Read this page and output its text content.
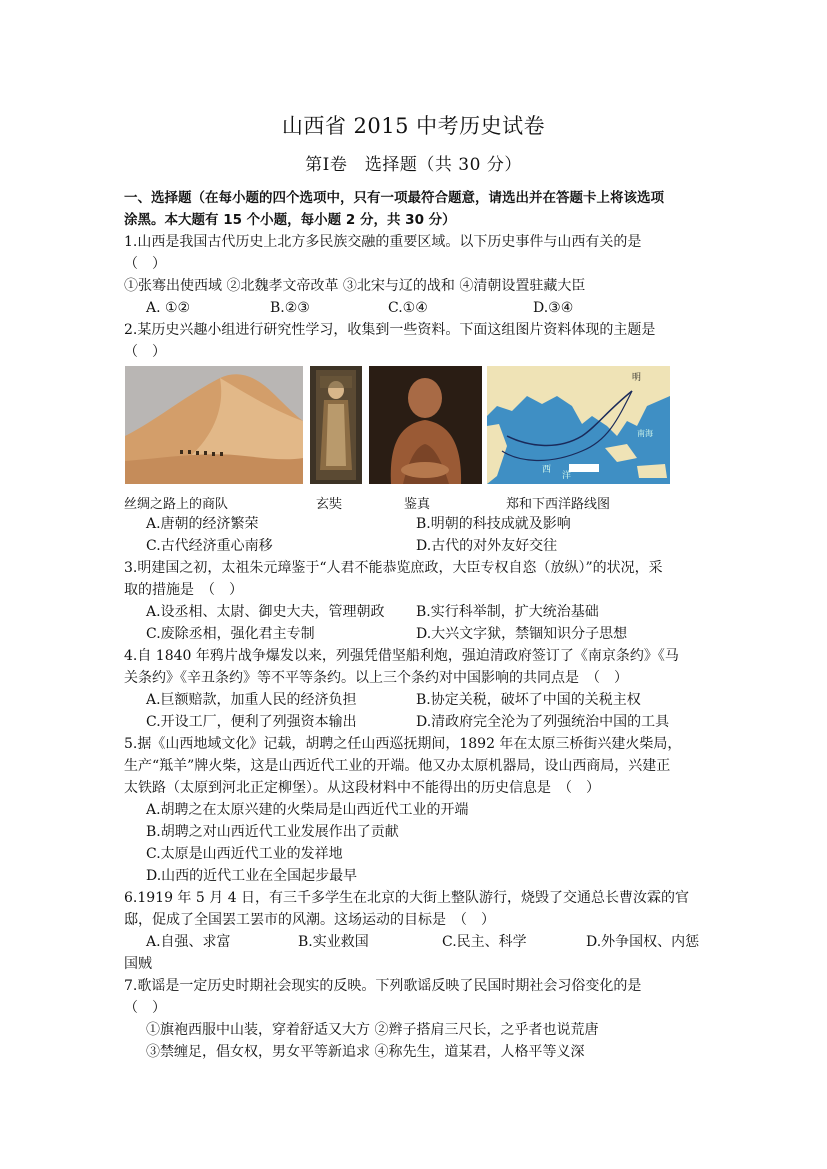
山西省 2015 中考历史试卷
第Ⅰ卷　选择题（共 30 分）
一、选择题（在每小题的四个选项中，只有一项最符合题意，请选出并在答题卡上将该选项
涂黑。本大题有 15 个小题，每小题 2 分，共 30 分）
1.山西是我国古代历史上北方多民族交融的重要区域。以下历史事件与山西有关的是
（　）
①张骞出使西域 ②北魏孝文帝改革 ③北宋与辽的战和 ④清朝设置驻藏大臣
A. ①②	B.②③	C.①④	D.③④
2.某历史兴趣小组进行研究性学习，收集到一些资料。下面这组图片资料体现的主题是
（　）
明
西
洋
南海
丝绸之路上的商队	玄奘	鉴真	郑和下西洋路线图
A.唐朝的经济繁荣	B.明朝的科技成就及影响
C.古代经济重心南移	D.古代的对外友好交往
3.明建国之初，太祖朱元璋鉴于“人君不能恭览庶政，大臣专权自恣（放纵）”的状况，采
取的措施是　（　）
A.设丞相、太尉、御史大夫，管理朝政 B.实行科举制，扩大统治基础
C.废除丞相，强化君主专制	D.大兴文字狱，禁锢知识分子思想
4.自 1840 年鸦片战争爆发以来，列强凭借坚船利炮，强迫清政府签订了《南京条约》《马
关条约》《辛丑条约》等不平等条约。以上三个条约对中国影响的共同点是　（　）
A.巨额赔款，加重人民的经济负担	B.协定关税，破坏了中国的关税主权
C.开设工厂，便利了列强资本输出	D.清政府完全沦为了列强统治中国的工具
5.据《山西地域文化》记载，胡聘之任山西巡抚期间，1892 年在太原三桥街兴建火柴局，
生产“羝羊”牌火柴，这是山西近代工业的开端。他又办太原机器局，设山西商局，兴建正
太铁路（太原到河北正定柳堡）。从这段材料中不能得出的历史信息是　（　）
A.胡聘之在太原兴建的火柴局是山西近代工业的开端
B.胡聘之对山西近代工业发展作出了贡献
C.太原是山西近代工业的发祥地
D.山西的近代工业在全国起步最早
6.1919 年 5 月 4 日，有三千多学生在北京的大街上整队游行，烧毁了交通总长曹汝霖的官
邸，促成了全国罢工罢市的风潮。这场运动的目标是　（　）
A.自强、求富	B.实业救国	C.民主、科学	D.外争国权、内惩
国贼
7.歌谣是一定历史时期社会现实的反映。下列歌谣反映了民国时期社会习俗变化的是
（　）
①旗袍西服中山装，穿着舒适又大方 ②辫子搭肩三尺长，之乎者也说荒唐
③禁缠足，倡女权，男女平等新追求 ④称先生，道某君，人格平等义深
